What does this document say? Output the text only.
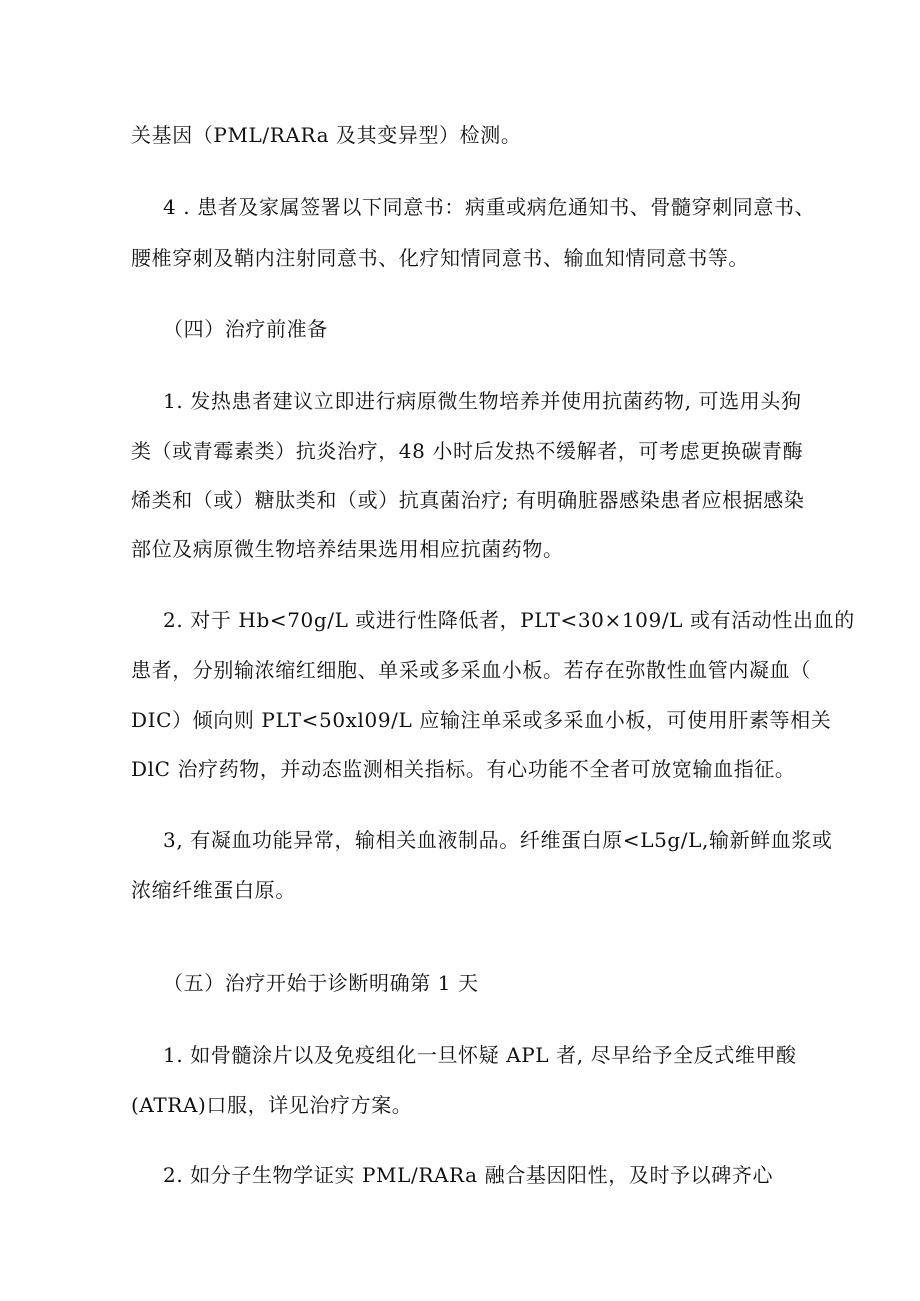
关基因（PML/RARa 及其变异型）检测。
4 . 患者及家属签署以下同意书：病重或病危通知书、骨髓穿刺同意书、
腰椎穿刺及鞘内注射同意书、化疗知情同意书、输血知情同意书等。
（四）治疗前准备
1. 发热患者建议立即进行病原微生物培养并使用抗菌药物, 可选用头狗
类（或青霉素类）抗炎治疗，48 小时后发热不缓解者，可考虑更换碳青酶
烯类和（或）糖肽类和（或）抗真菌治疗; 有明确脏器感染患者应根据感染
部位及病原微生物培养结果选用相应抗菌药物。
2. 对于 Hb<70g/L 或进行性降低者，PLT<30×109/L 或有活动性出血的
患者，分别输浓缩红细胞、单采或多采血小板。若存在弥散性血管内凝血（
DIC）倾向则 PLT<50xl09/L 应输注单采或多采血小板，可使用肝素等相关
DlC 治疗药物，并动态监测相关指标。有心功能不全者可放宽输血指征。
3, 有凝血功能异常，输相关血液制品。纤维蛋白原<L5g/L,输新鲜血浆或
浓缩纤维蛋白原。
（五）治疗开始于诊断明确第 1 天
1. 如骨髓涂片以及免疫组化一旦怀疑 APL 者, 尽早给予全反式维甲酸
(ATRA)口服，详见治疗方案。
2. 如分子生物学证实 PML/RARa 融合基因阳性，及时予以碑齐心
